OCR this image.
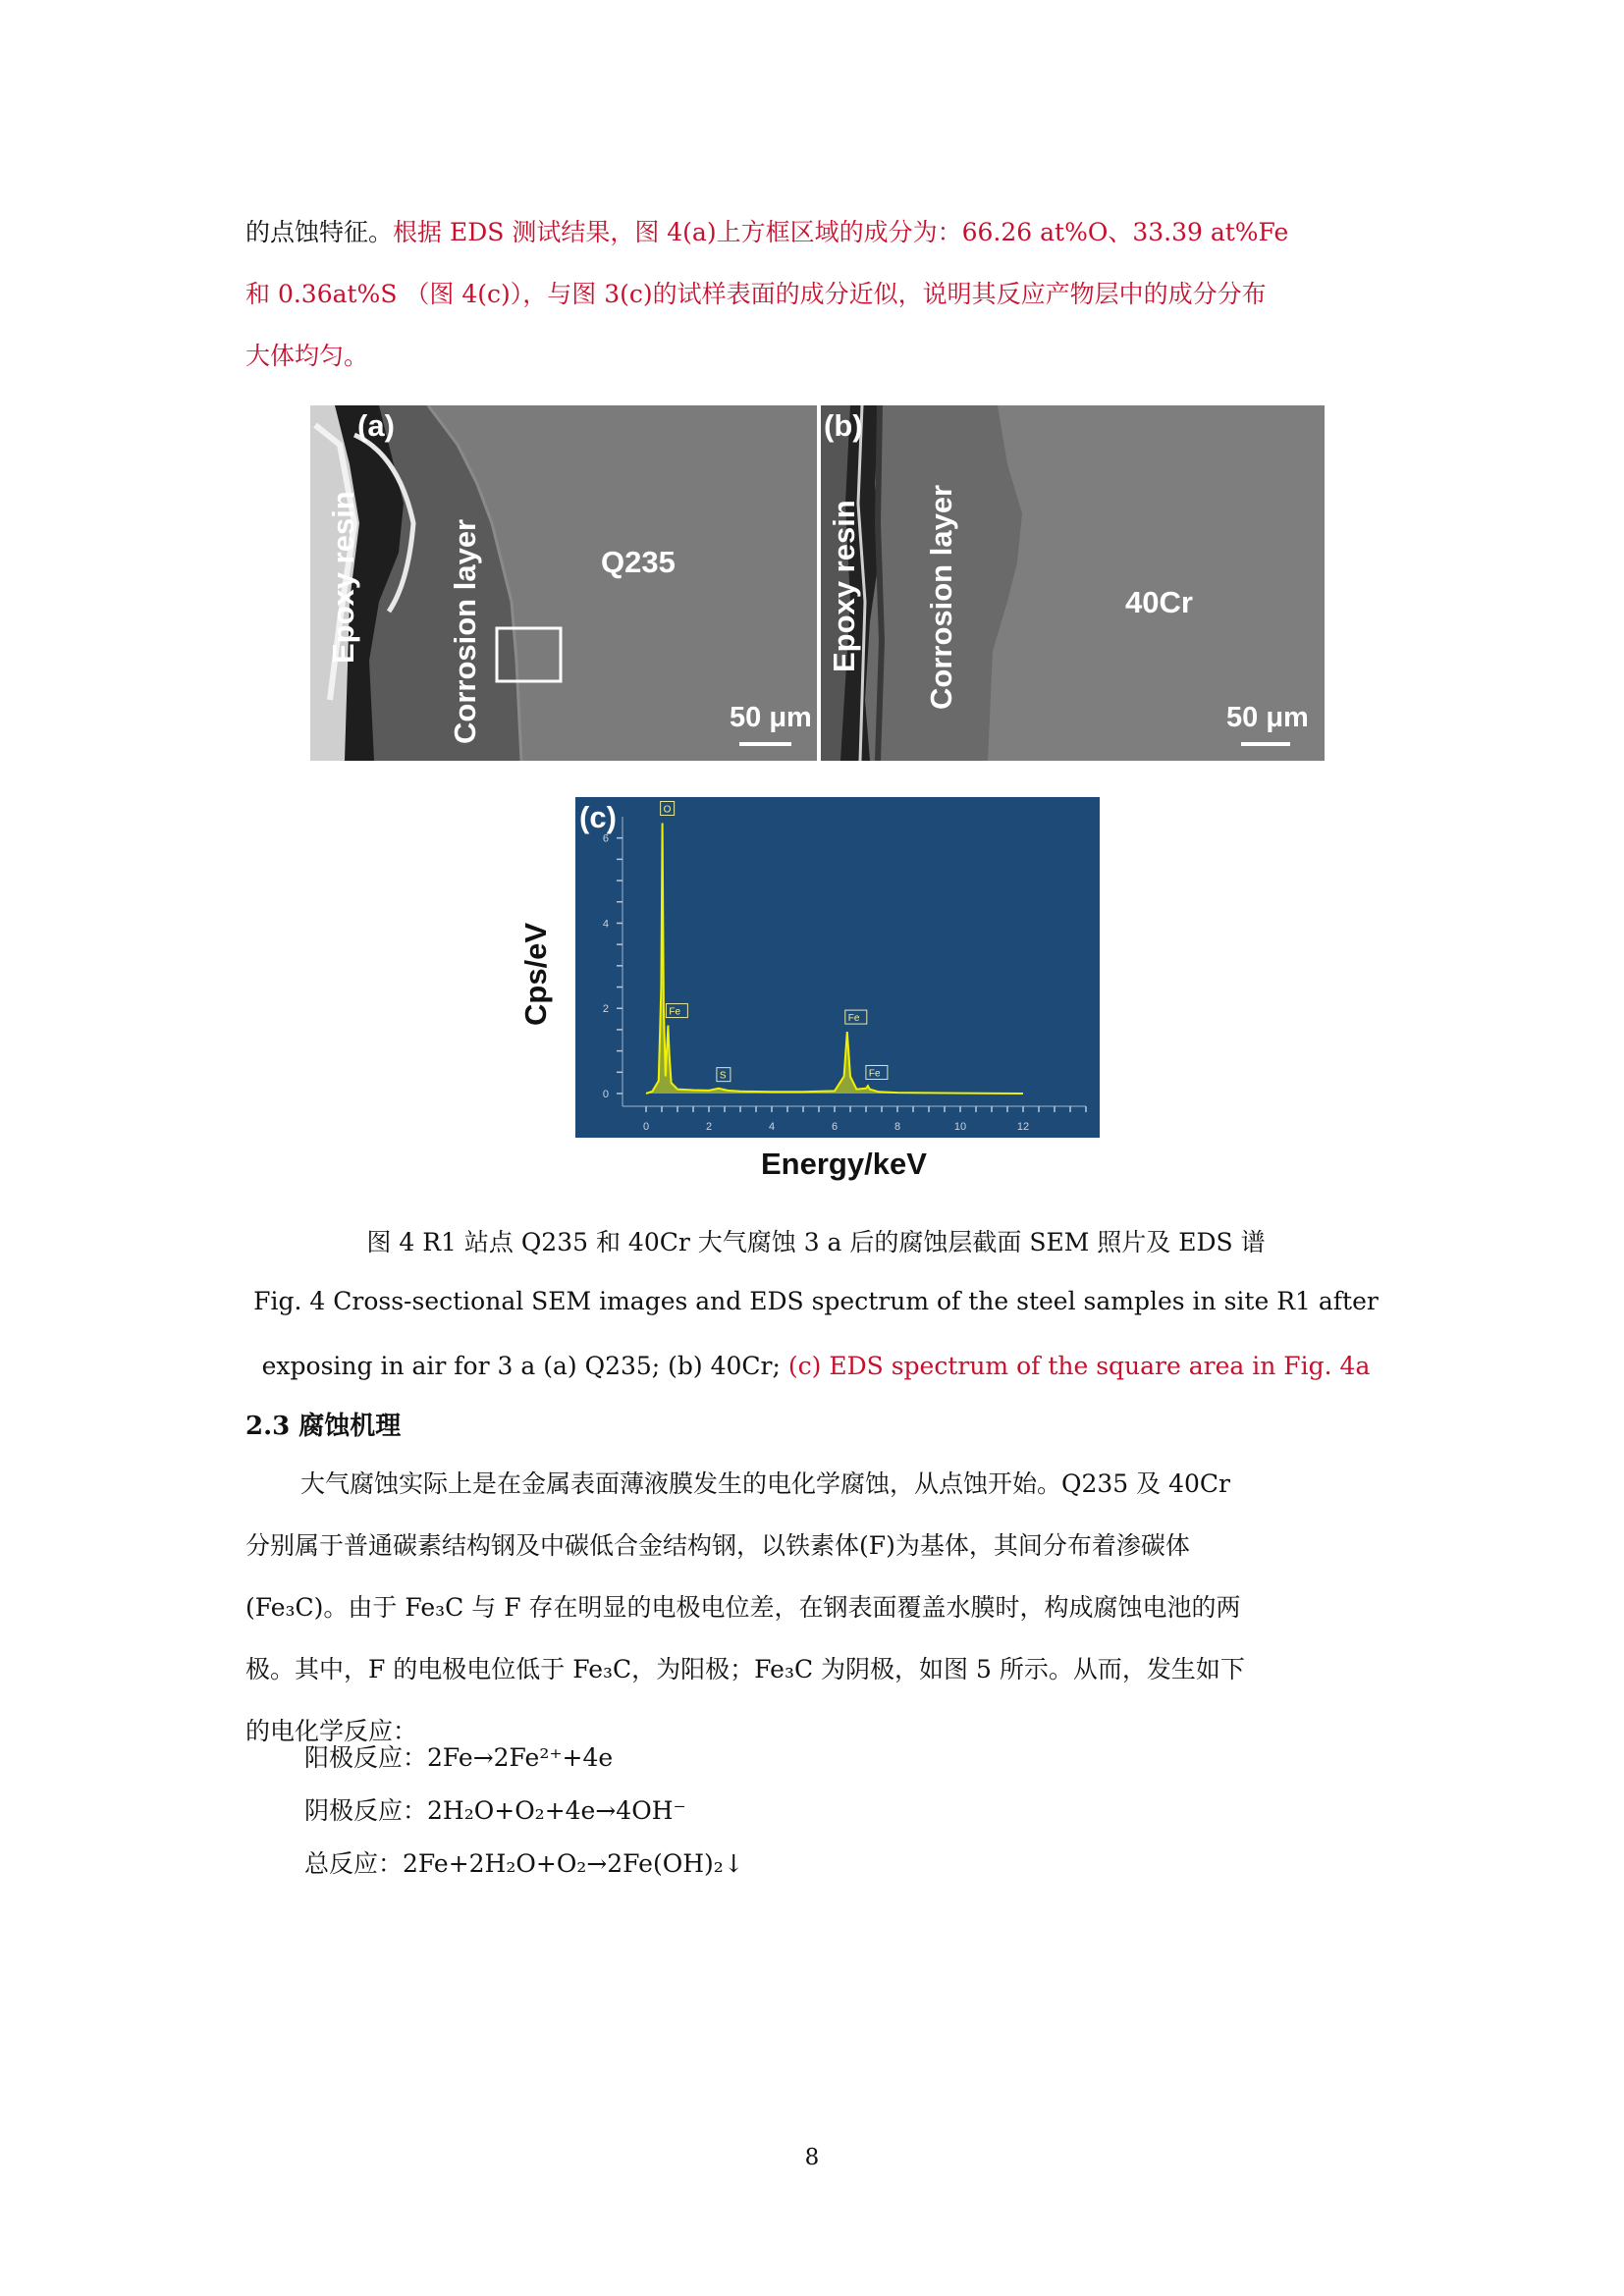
的点蚀特征。根据 EDS 测试结果，图 4(a)上方框区域的成分为：66.26 at%O、33.39 at%Fe
和 0.36at%S （图 4(c)），与图 3(c)的试样表面的成分近似，说明其反应产物层中的成分分布
大体均匀。
(a)
Epoxy resin	Corrosion layer	Q235
50 μm
(b)
Epoxy resin Corrosion layer	40Cr
50 μm
0	2	4	6	8	10	12
0
2
4
6
O
Fe
S
Fe
Fe
(c)
Cps/eV
Energy/keV
图 4 R1 站点 Q235 和 40Cr 大气腐蚀 3 a 后的腐蚀层截面 SEM 照片及 EDS 谱
Fig. 4 Cross-sectional SEM images and EDS spectrum of the steel samples in site R1 after
exposing in air for 3 a (a) Q235; (b) 40Cr; (c) EDS spectrum of the square area in Fig. 4a
2.3 腐蚀机理
大气腐蚀实际上是在金属表面薄液膜发生的电化学腐蚀，从点蚀开始。Q235 及 40Cr
分别属于普通碳素结构钢及中碳低合金结构钢，以铁素体(F)为基体，其间分布着渗碳体
(Fe₃C)。由于 Fe₃C 与 F 存在明显的电极电位差，在钢表面覆盖水膜时，构成腐蚀电池的两
极。其中，F 的电极电位低于 Fe₃C，为阳极；Fe₃C 为阴极，如图 5 所示。从而，发生如下
的电化学反应：
阳极反应：2Fe→2Fe²⁺+4e
阴极反应：2H₂O+O₂+4e→4OH⁻
总反应：2Fe+2H₂O+O₂→2Fe(OH)₂↓
8
